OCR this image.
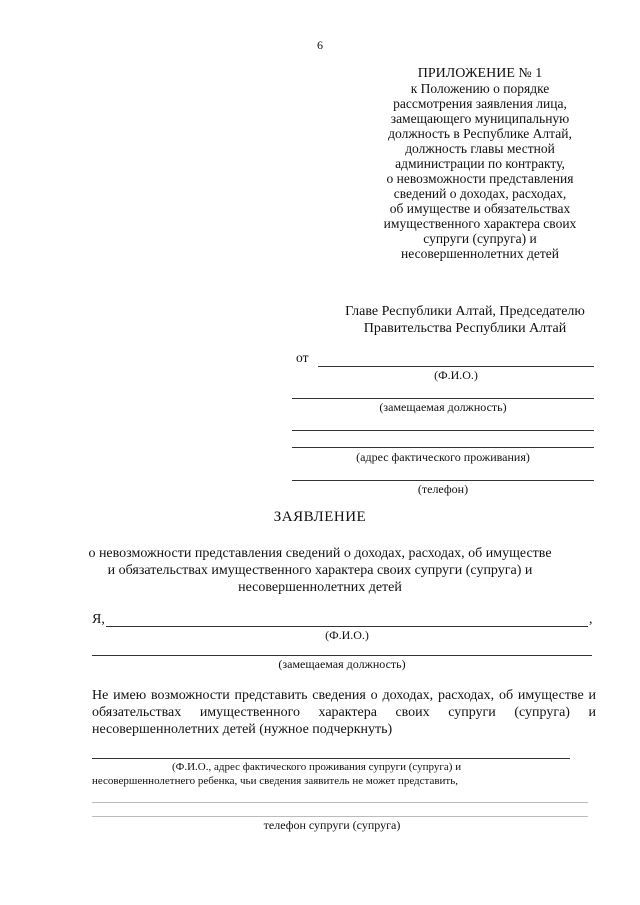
6
ПРИЛОЖЕНИЕ № 1
к Положению о порядке
рассмотрения заявления лица,
замещающего муниципальную
должность в Республике Алтай,
должность главы местной
администрации по контракту,
о невозможности представления
сведений о доходах, расходах,
об имуществе и обязательствах
имущественного характера своих
супруги (супруга) и
несовершеннолетних детей
Главе Республики Алтай, Председателю
Правительства Республики Алтай
от
(Ф.И.О.)
(замещаемая должность)
(адрес фактического проживания)
(телефон)
ЗАЯВЛЕНИЕ
о невозможности представления сведений о доходах, расходах, об имуществе
и обязательствах имущественного характера своих супруги (супруга) и
несовершеннолетних детей
Я,	,
(Ф.И.О.)
(замещаемая должность)
Не имею возможности представить сведения о доходах, расходах, об имуществе и обязательствах имущественного характера своих супруги (супруга) и несовершеннолетних детей (нужное подчеркнуть)
(Ф.И.О., адрес фактического проживания супруги (супруга) и
несовершеннолетнего ребенка, чьи сведения заявитель не может представить,
телефон супруги (супруга)
